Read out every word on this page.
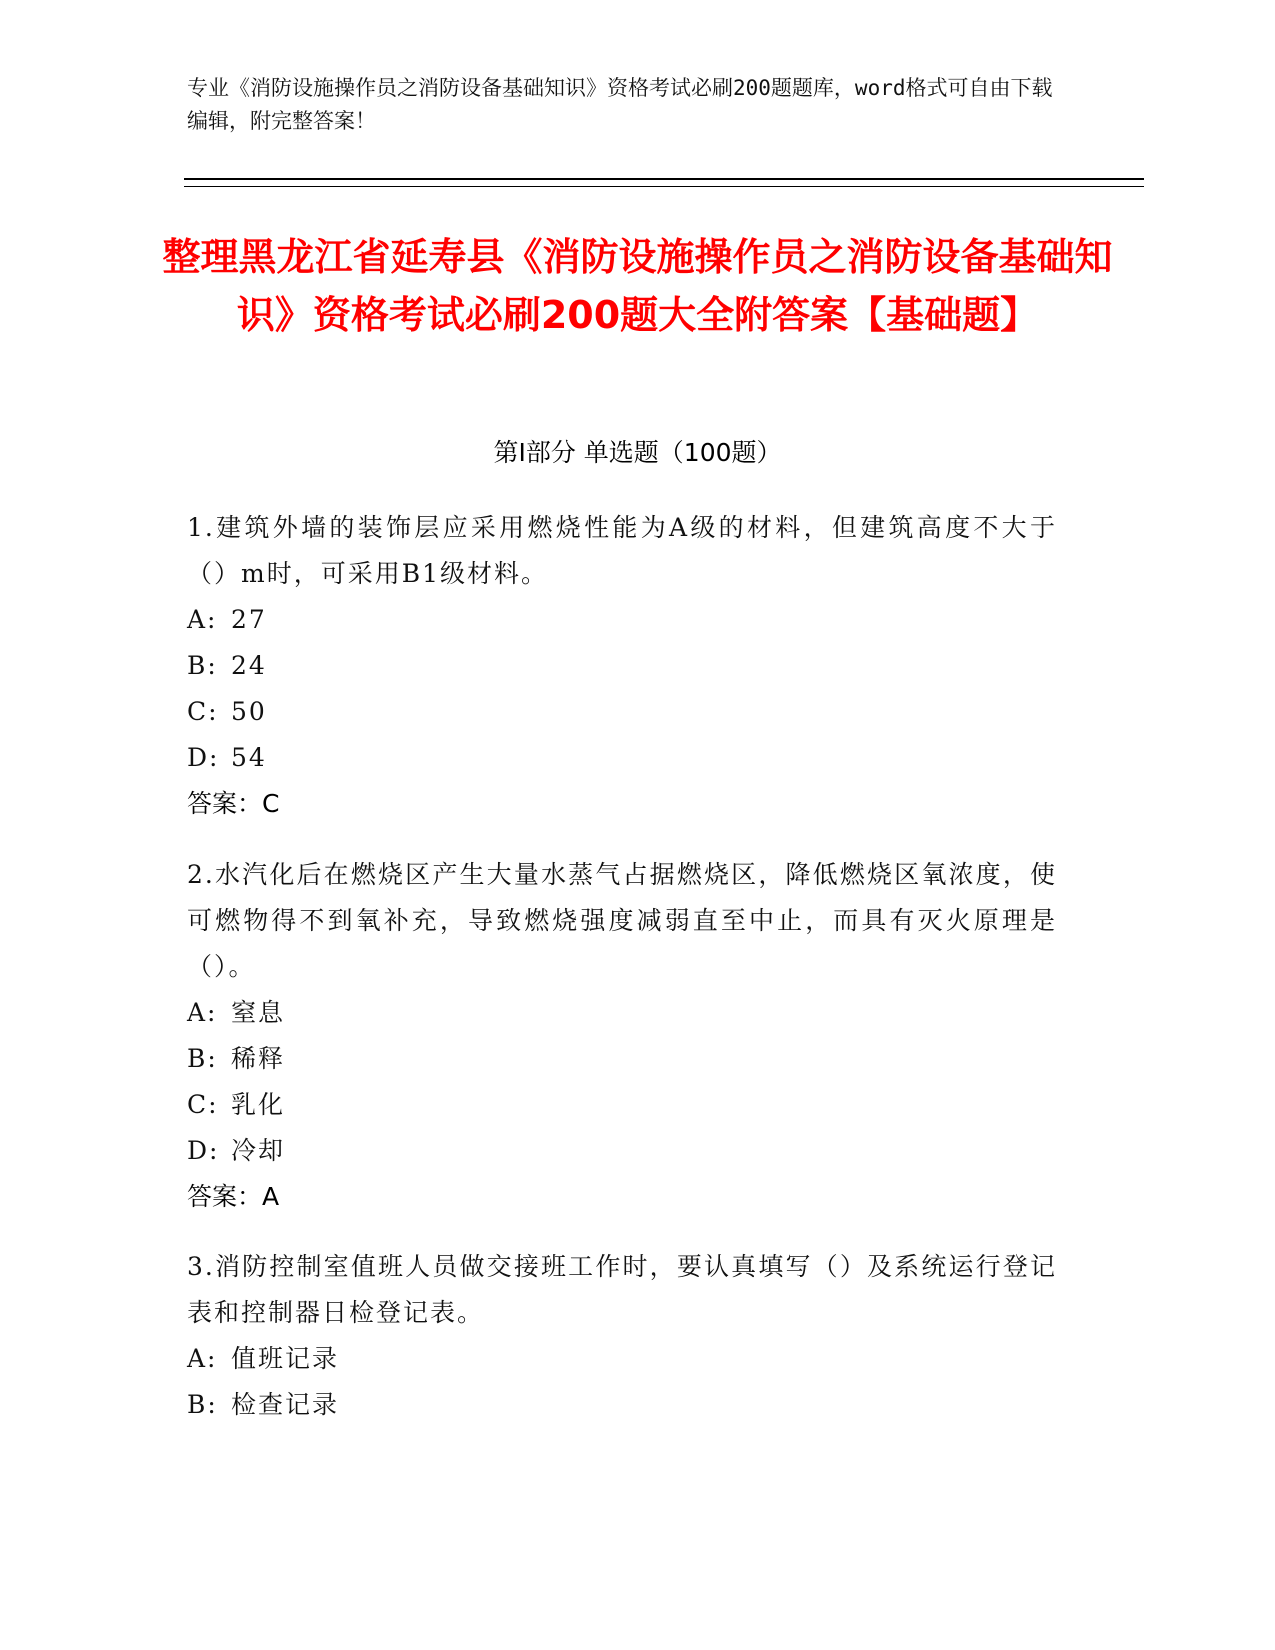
专业《消防设施操作员之消防设备基础知识》资格考试必刷200题题库，word格式可自由下载编辑，附完整答案！
整理黑龙江省延寿县《消防设施操作员之消防设备基础知识》资格考试必刷200题大全附答案【基础题】
第Ⅰ部分 单选题（100题）
1.建筑外墙的装饰层应采用燃烧性能为A级的材料，但建筑高度不大于（）m时，可采用B1级材料。
A: 27
B: 24
C: 50
D: 54
答案：C
2.水汽化后在燃烧区产生大量水蒸气占据燃烧区，降低燃烧区氧浓度，使可燃物得不到氧补充，导致燃烧强度减弱直至中止，而具有灭火原理是（）。
A: 窒息
B: 稀释
C: 乳化
D: 冷却
答案：A
3.消防控制室值班人员做交接班工作时，要认真填写（）及系统运行登记表和控制器日检登记表。
A: 值班记录
B: 检查记录
